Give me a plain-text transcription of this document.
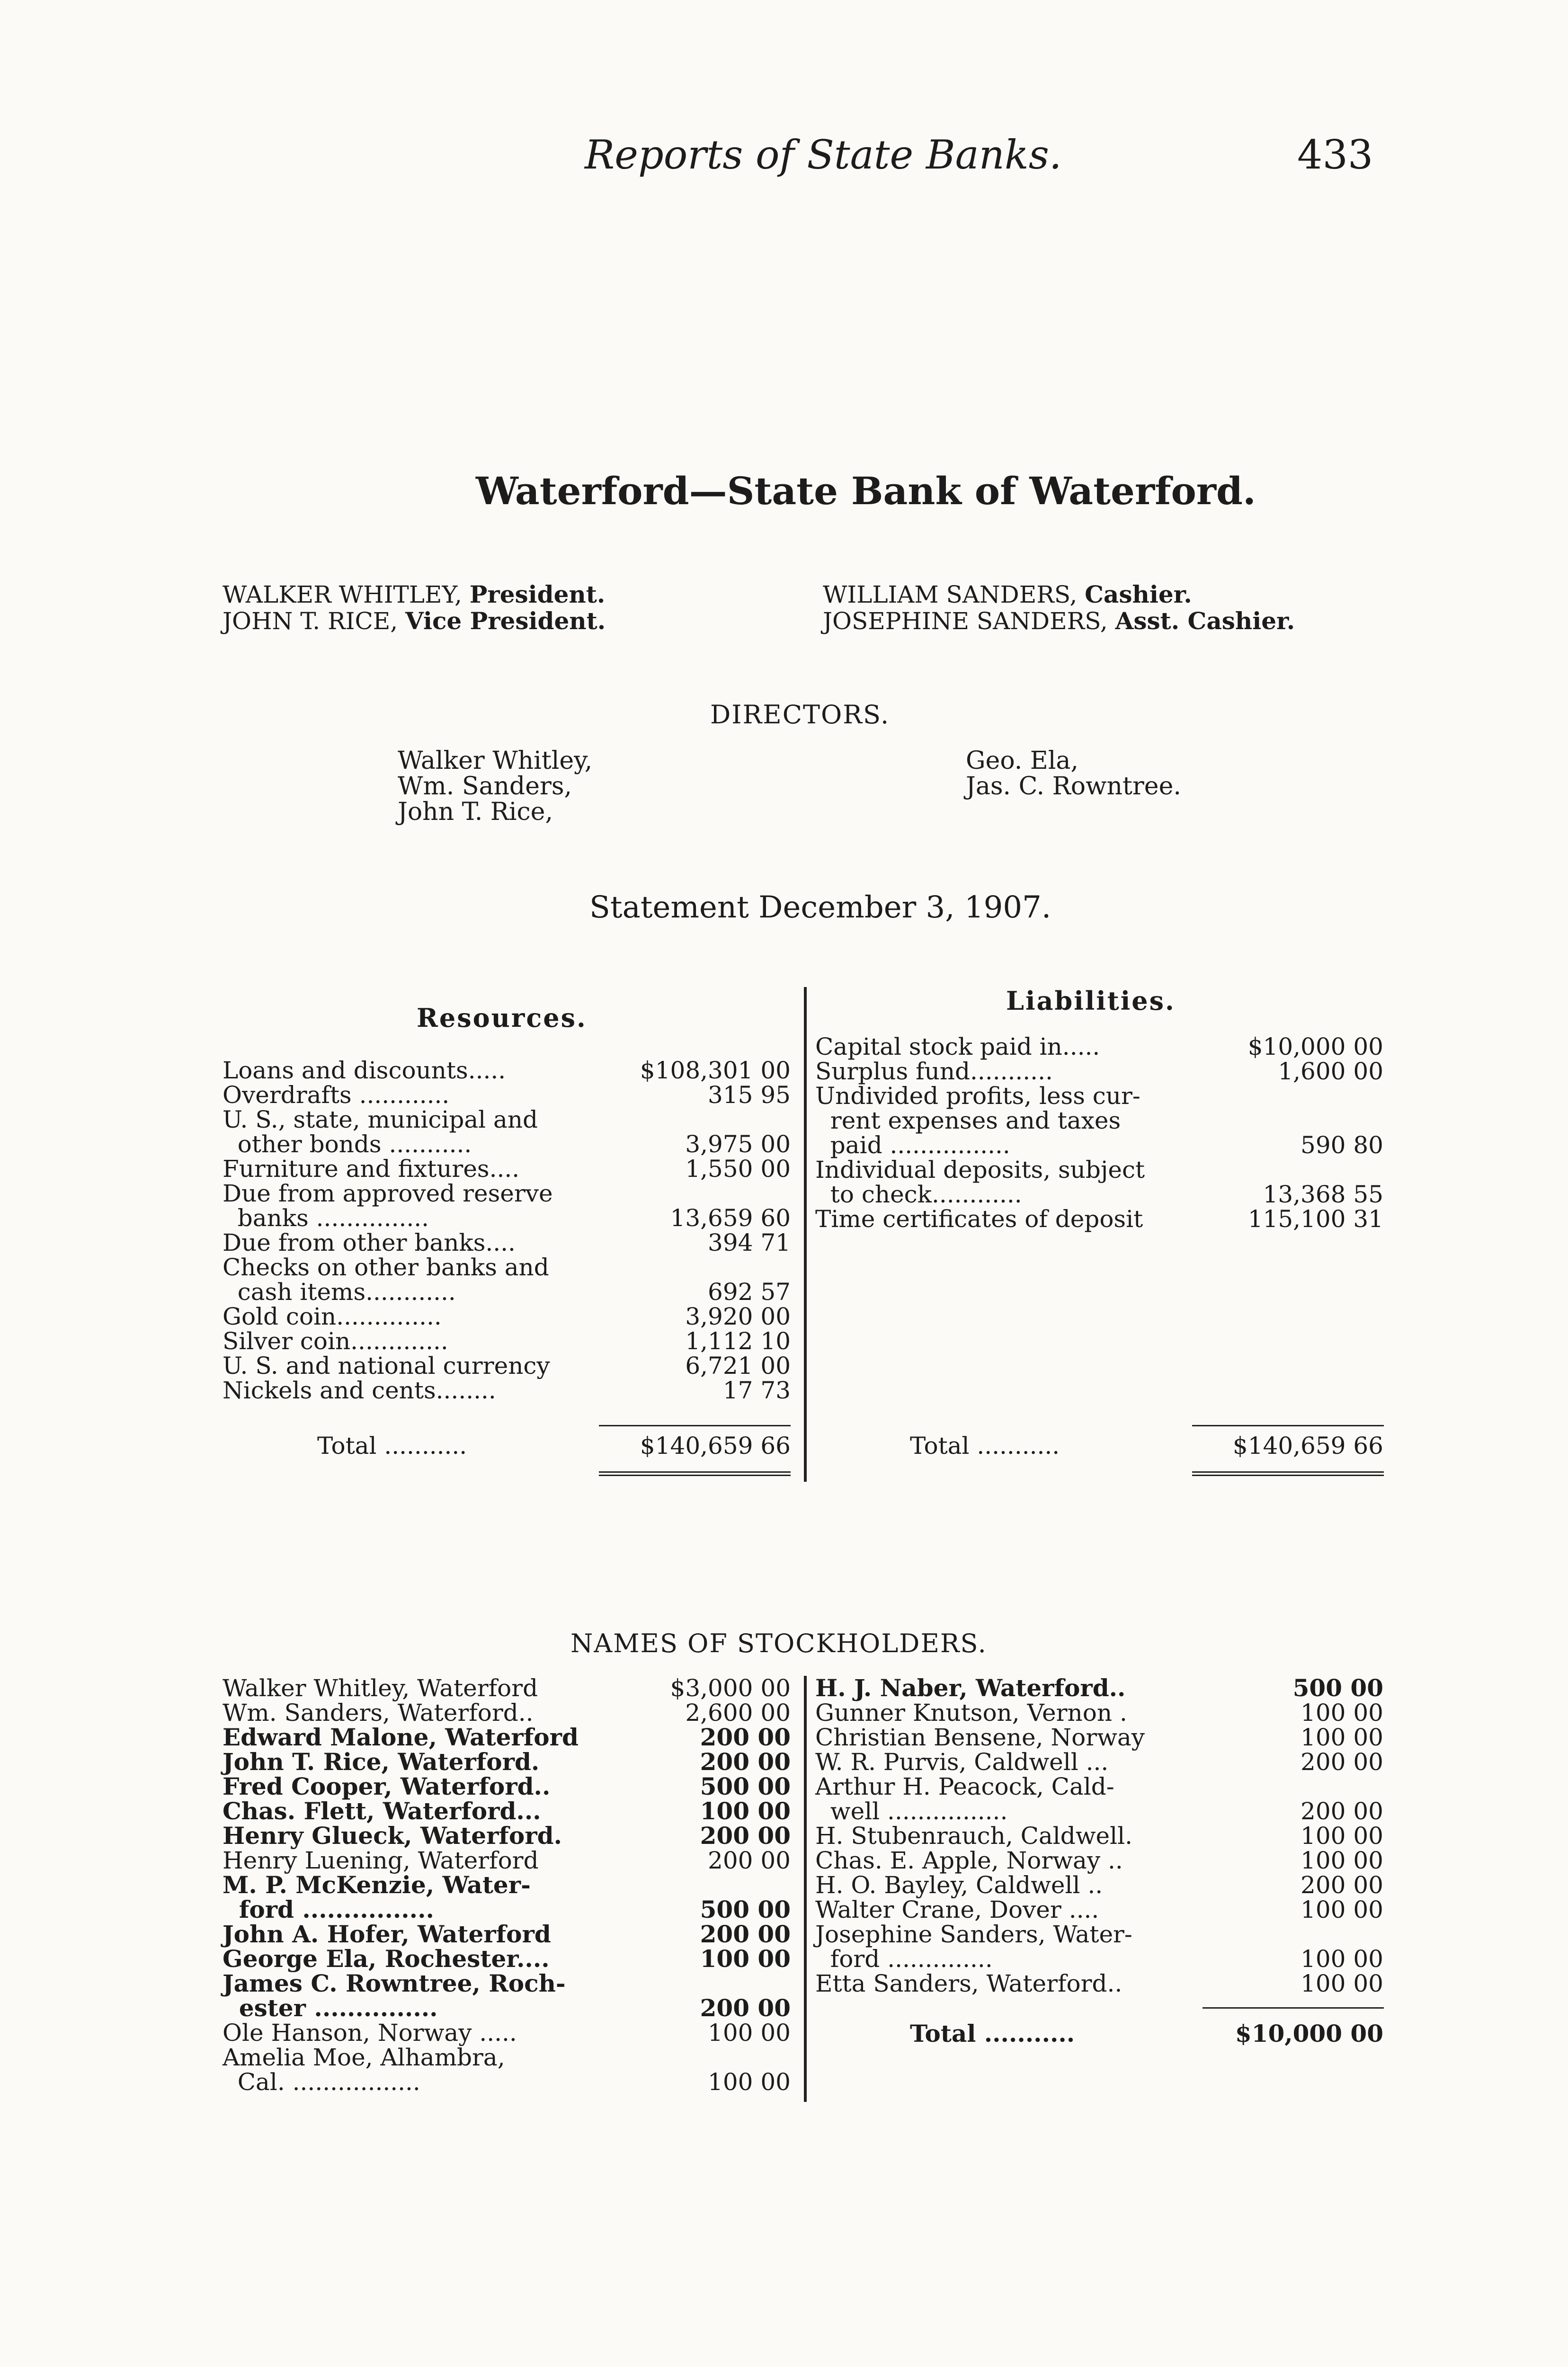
Reports of State Banks.	433
Waterford—State Bank of Waterford.
WALKER WHITLEY, President.
JOHN T. RICE, Vice President.
WILLIAM SANDERS, Cashier.
JOSEPHINE SANDERS, Asst. Cashier.
DIRECTORS.
Walker Whitley,
Wm. Sanders,
John T. Rice,
Geo. Ela,
Jas. C. Rowntree.
Statement December 3, 1907.
Resources.
Liabilities.
Loans and discounts.....	$108,301 00
Overdrafts ............	315 95
U. S., state, municipal and
other bonds ...........	3,975 00
Furniture and fixtures....	1,550 00
Due from approved reserve
banks ...............	13,659 60
Due from other banks....	394 71
Checks on other banks and
cash items............	692 57
Gold coin..............	3,920 00
Silver coin.............	1,112 10
U. S. and national currency	6,721 00
Nickels and cents........	17 73
Capital stock paid in.....	$10,000 00
Surplus fund...........	1,600 00
Undivided profits, less cur-
rent expenses and taxes
paid ................	590 80
Individual deposits, subject
to check............	13,368 55
Time certificates of deposit	115,100 31
Total ...........	$140,659 66	Total ...........	$140,659 66
NAMES OF STOCKHOLDERS.
Walker Whitley, Waterford	$3,000 00
Wm. Sanders, Waterford..	2,600 00
Edward Malone, Waterford	200 00
John T. Rice, Waterford.	200 00
Fred Cooper, Waterford..	500 00
Chas. Flett, Waterford...	100 00
Henry Glueck, Waterford.	200 00
Henry Luening, Waterford	200 00
M. P. McKenzie, Water-
ford ................	500 00
John A. Hofer, Waterford	200 00
George Ela, Rochester....	100 00
James C. Rowntree, Roch-
ester ...............	200 00
Ole Hanson, Norway .....	100 00
Amelia Moe, Alhambra,
Cal. .................	100 00
H. J. Naber, Waterford..	500 00
Gunner Knutson, Vernon .	100 00
Christian Bensene, Norway	100 00
W. R. Purvis, Caldwell ...	200 00
Arthur H. Peacock, Cald-
well ................	200 00
H. Stubenrauch, Caldwell.	100 00
Chas. E. Apple, Norway ..	100 00
H. O. Bayley, Caldwell ..	200 00
Walter Crane, Dover ....	100 00
Josephine Sanders, Water-
ford ..............	100 00
Etta Sanders, Waterford..	100 00
Total ...........	$10,000 00
